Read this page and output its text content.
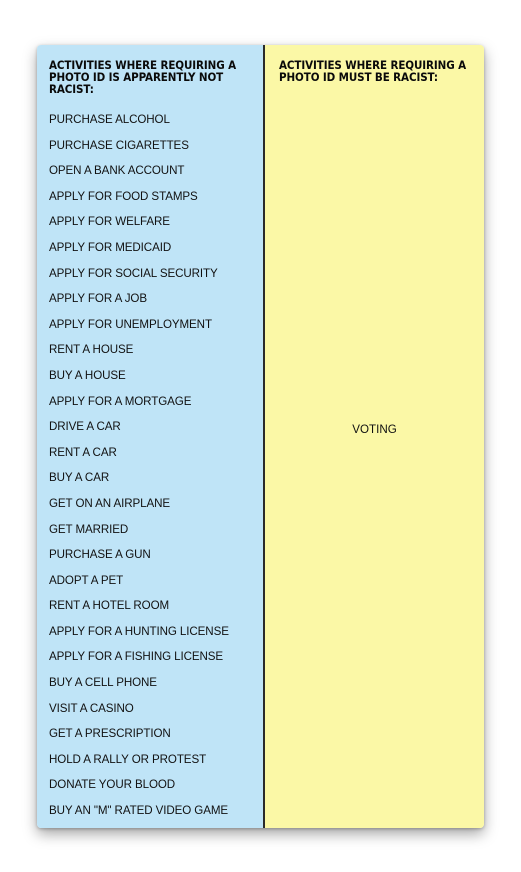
ACTIVITIES WHERE REQUIRING A PHOTO ID IS APPARENTLY NOT RACIST:
PURCHASE ALCOHOL
PURCHASE CIGARETTES
OPEN A BANK ACCOUNT
APPLY FOR FOOD STAMPS
APPLY FOR WELFARE
APPLY FOR MEDICAID
APPLY FOR SOCIAL SECURITY
APPLY FOR A JOB
APPLY FOR UNEMPLOYMENT
RENT A HOUSE
BUY A HOUSE
APPLY FOR A MORTGAGE
DRIVE A CAR
RENT A CAR
BUY A CAR
GET ON AN AIRPLANE
GET MARRIED
PURCHASE A GUN
ADOPT A PET
RENT A HOTEL ROOM
APPLY FOR A HUNTING LICENSE
APPLY FOR A FISHING LICENSE
BUY A CELL PHONE
VISIT A CASINO
GET A PRESCRIPTION
HOLD A RALLY OR PROTEST
DONATE YOUR BLOOD
BUY AN "M" RATED VIDEO GAME
ACTIVITIES WHERE REQUIRING A PHOTO ID MUST BE RACIST:
VOTING
